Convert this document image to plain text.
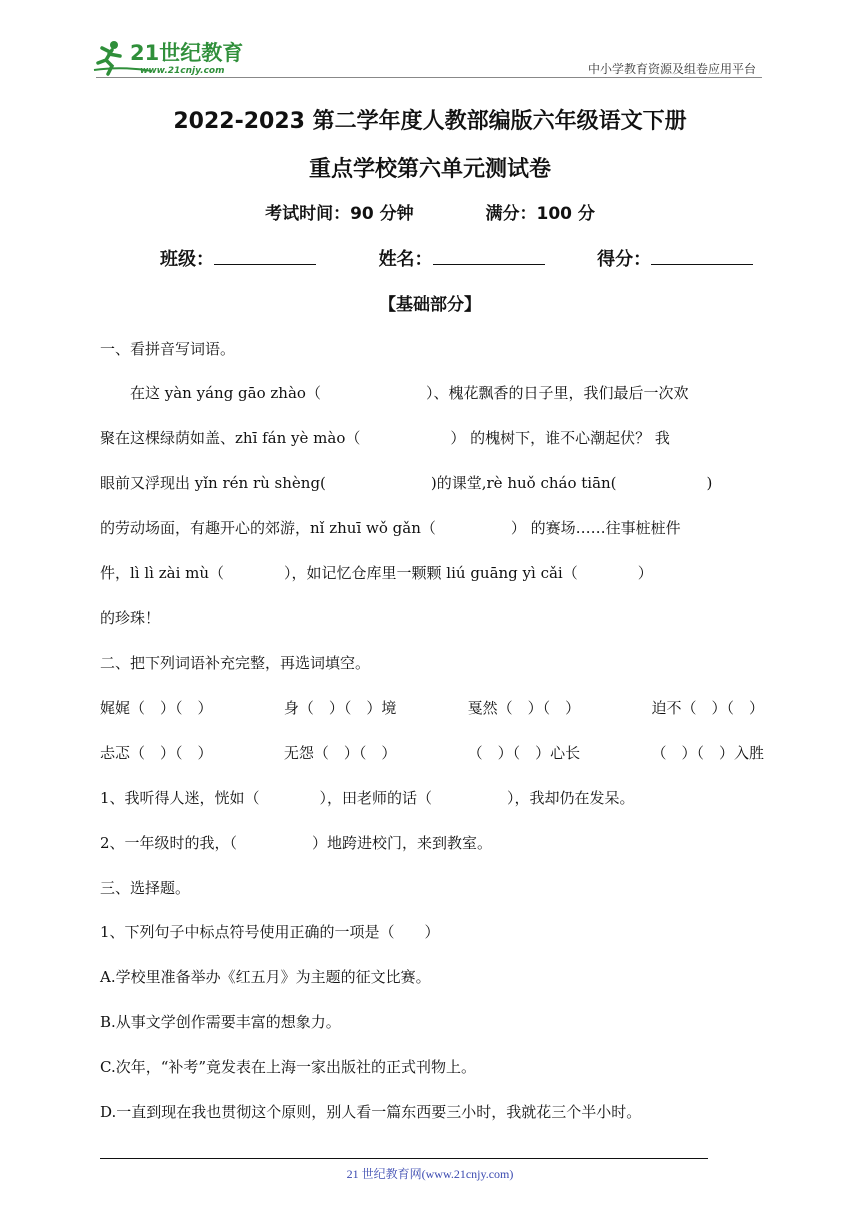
21世纪教育
www.21cnjy.com	中小学教育资源及组卷应用平台
2022-2023 第二学年度人教部编版六年级语文下册
重点学校第六单元测试卷
考试时间：90 分钟	满分：100 分
班级：	姓名：	得分：
【基础部分】
一、看拼音写词语。
　　在这 yàn yáng gāo zhào（　　　　　　　）、槐花飘香的日子里，我们最后一次欢
聚在这棵绿荫如盖、zhī fán yè mào（　　　　　　） 的槐树下，谁不心潮起伏？ 我
眼前又浮现出 yǐn rén rù shèng(　　　　　　　)的课堂,rè huǒ cháo tiān(　　　　　　)
的劳动场面，有趣开心的郊游，nǐ zhuī wǒ gǎn（　　　　　） 的赛场……往事桩桩件
件，lì lì zài mù（　　　　），如记忆仓库里一颗颗 liú guāng yì cǎi（　　　　）
的珍珠！
二、把下列词语补充完整，再选词填空。
娓娓（　）（　）	身（　）（　）境	戛然（　）（　）	迫不（　）（　）
忐忑（　）（　）	无怨（　）（　）	（　）（　）心长	（　）（　）入胜
1、我听得人迷，恍如（　　　　），田老师的话（　　　　　），我却仍在发呆。
2、一年级时的我，（　　　　　）地跨进校门，来到教室。
三、选择题。
1、下列句子中标点符号使用正确的一项是（　　）
A.学校里准备举办《红五月》为主题的征文比赛。
B.从事文学创作需要丰富的想象力。
C.次年，“补考”竟发表在上海一家出版社的正式刊物上。
D.一直到现在我也贯彻这个原则，别人看一篇东西要三小时，我就花三个半小时。
21 世纪教育网(www.21cnjy.com)
